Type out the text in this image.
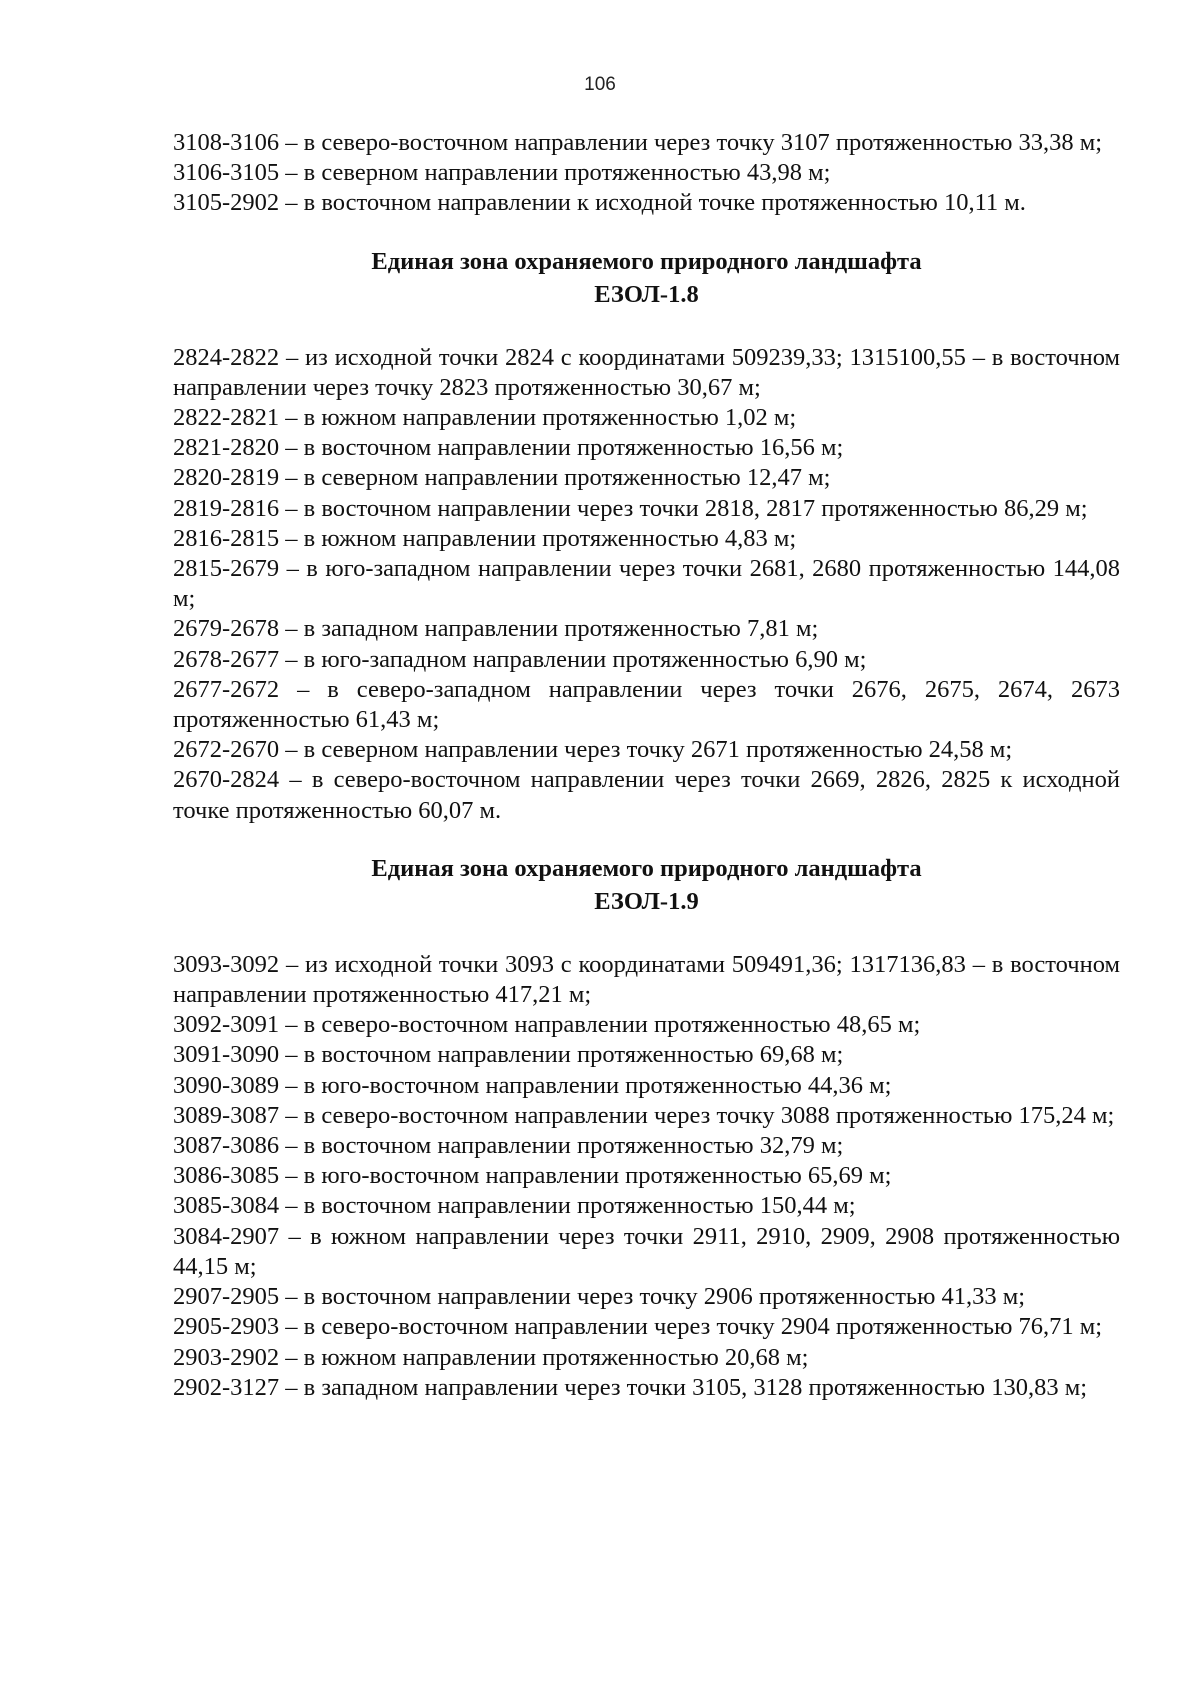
106

3108-3106 – в северо-восточном направлении через точку 3107 протяженностью 33,38 м;

3106-3105 – в северном направлении протяженностью 43,98 м;

3105-2902 – в восточном направлении к исходной точке протяженностью 10,11 м.

Единая зона охраняемого природного ландшафта

ЕЗОЛ-1.8

2824-2822 – из исходной точки 2824 с координатами 509239,33; 1315100,55 – в восточном направлении через точку 2823 протяженностью 30,67 м;

2822-2821 – в южном направлении протяженностью 1,02 м;

2821-2820 – в восточном направлении протяженностью 16,56 м;

2820-2819 – в северном направлении протяженностью 12,47 м;

2819-2816 – в восточном направлении через точки 2818, 2817 протяженностью 86,29 м;

2816-2815 – в южном направлении протяженностью 4,83 м;

2815-2679 – в юго-западном направлении через точки 2681, 2680 протяженностью 144,08 м;

2679-2678 – в западном направлении протяженностью 7,81 м;

2678-2677 – в юго-западном направлении протяженностью 6,90 м;

2677-2672 – в северо-западном направлении через точки 2676, 2675, 2674, 2673 протяженностью 61,43 м;

2672-2670 – в северном направлении через точку 2671 протяженностью 24,58 м;

2670-2824 – в северо-восточном направлении через точки 2669, 2826, 2825 к исходной точке протяженностью 60,07 м.

Единая зона охраняемого природного ландшафта

ЕЗОЛ-1.9

3093-3092 – из исходной точки 3093 с координатами 509491,36; 1317136,83 – в восточном направлении протяженностью 417,21 м;

3092-3091 – в северо-восточном направлении протяженностью 48,65 м;

3091-3090 – в восточном направлении протяженностью 69,68 м;

3090-3089 – в юго-восточном направлении протяженностью 44,36 м;

3089-3087 – в северо-восточном направлении через точку 3088 протяженностью 175,24 м;

3087-3086 – в восточном направлении протяженностью 32,79 м;

3086-3085 – в юго-восточном направлении протяженностью 65,69 м;

3085-3084 – в восточном направлении протяженностью 150,44 м;

3084-2907 – в южном направлении через точки 2911, 2910, 2909, 2908 протяженностью 44,15 м;

2907-2905 – в восточном направлении через точку 2906 протяженностью 41,33 м;

2905-2903 – в северо-восточном направлении через точку 2904 протяженностью 76,71 м;

2903-2902 – в южном направлении протяженностью 20,68 м;

2902-3127 – в западном направлении через точки 3105, 3128 протяженностью 130,83 м;
